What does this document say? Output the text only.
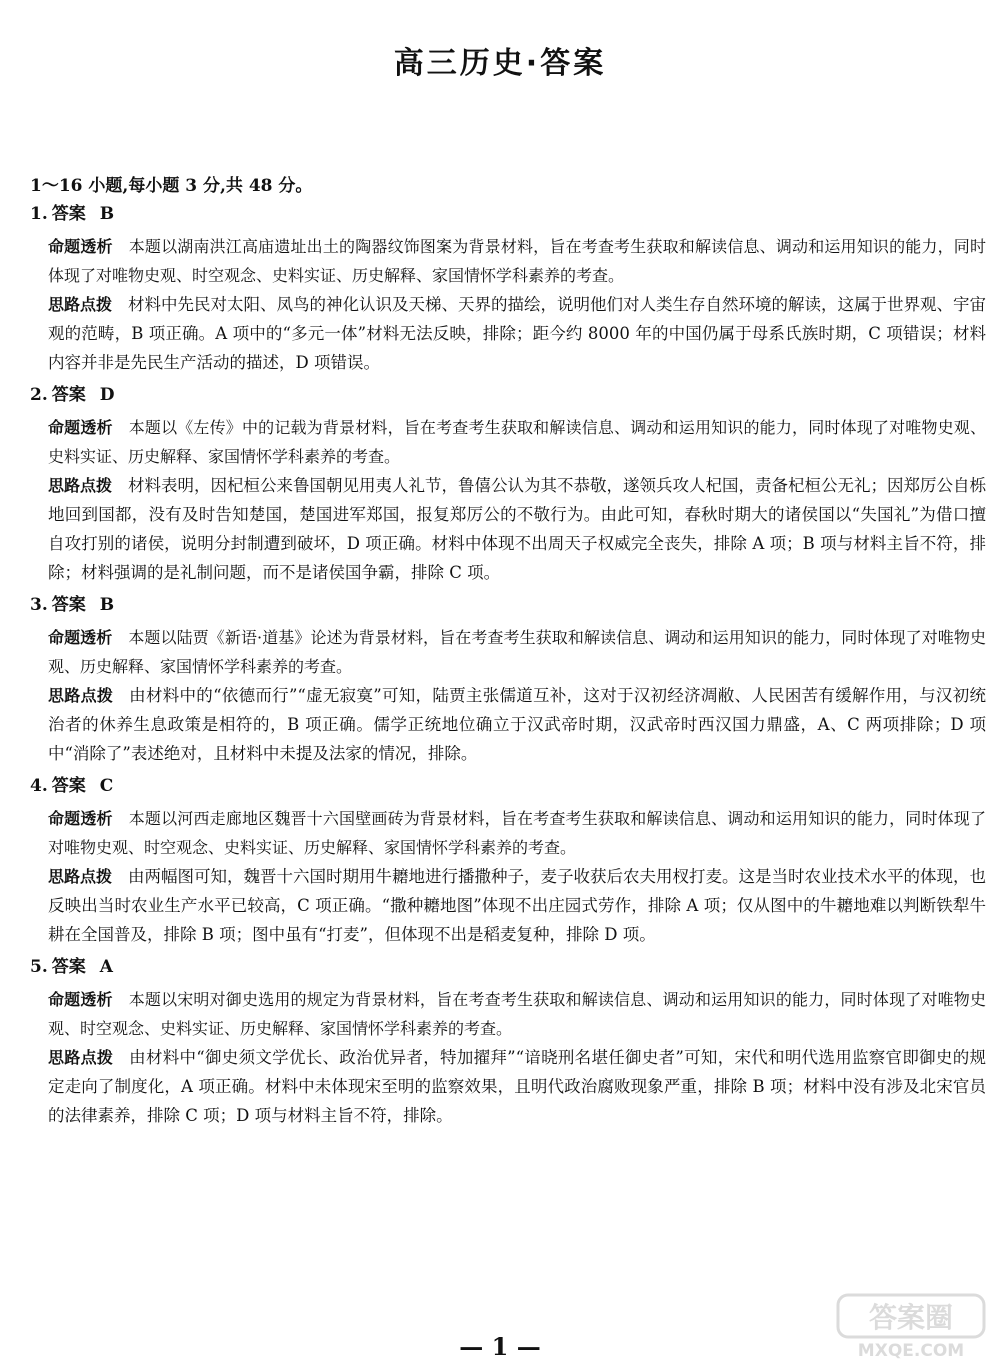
高三历史·答案
1～16 小题,每小题 3 分,共 48 分。
1. 答案 B

命题透析 本题以湖南洪江高庙遗址出土的陶器纹饰图案为背景材料，旨在考查考生获取和解读信息、调动和运用知识的能力，同时体现了对唯物史观、时空观念、史料实证、历史解释、家国情怀学科素养的考查。

思路点拨 材料中先民对太阳、凤鸟的神化认识及天梯、天界的描绘，说明他们对人类生存自然环境的解读，这属于世界观、宇宙观的范畴，B 项正确。A 项中的“多元一体”材料无法反映，排除；距今约 8000 年的中国仍属于母系氏族时期，C 项错误；材料内容并非是先民生产活动的描述，D 项错误。

2. 答案 D

命题透析 本题以《左传》中的记载为背景材料，旨在考查考生获取和解读信息、调动和运用知识的能力，同时体现了对唯物史观、史料实证、历史解释、家国情怀学科素养的考查。

思路点拨 材料表明，因杞桓公来鲁国朝见用夷人礼节，鲁僖公认为其不恭敬，遂领兵攻人杞国，责备杞桓公无礼；因郑厉公自栎地回到国都，没有及时告知楚国，楚国进军郑国，报复郑厉公的不敬行为。由此可知，春秋时期大的诸侯国以“失国礼”为借口擅自攻打别的诸侯，说明分封制遭到破坏，D 项正确。材料中体现不出周天子权威完全丧失，排除 A 项；B 项与材料主旨不符，排除；材料强调的是礼制问题，而不是诸侯国争霸，排除 C 项。

3. 答案 B

命题透析 本题以陆贾《新语·道基》论述为背景材料，旨在考查考生获取和解读信息、调动和运用知识的能力，同时体现了对唯物史观、历史解释、家国情怀学科素养的考查。

思路点拨 由材料中的“依德而行”“虚无寂寞”可知，陆贾主张儒道互补，这对于汉初经济凋敝、人民困苦有缓解作用，与汉初统治者的休养生息政策是相符的，B 项正确。儒学正统地位确立于汉武帝时期，汉武帝时西汉国力鼎盛，A、C 两项排除；D 项中“消除了”表述绝对，且材料中未提及法家的情况，排除。

4. 答案 C

命题透析 本题以河西走廊地区魏晋十六国壁画砖为背景材料，旨在考查考生获取和解读信息、调动和运用知识的能力，同时体现了对唯物史观、时空观念、史料实证、历史解释、家国情怀学科素养的考查。

思路点拨 由两幅图可知，魏晋十六国时期用牛耱地进行播撒种子，麦子收获后农夫用杈打麦。这是当时农业技术水平的体现，也反映出当时农业生产水平已较高，C 项正确。“撒种耱地图”体现不出庄园式劳作，排除 A 项；仅从图中的牛耱地难以判断铁犁牛耕在全国普及，排除 B 项；图中虽有“打麦”，但体现不出是稻麦复种，排除 D 项。

5. 答案 A

命题透析 本题以宋明对御史选用的规定为背景材料，旨在考查考生获取和解读信息、调动和运用知识的能力，同时体现了对唯物史观、时空观念、史料实证、历史解释、家国情怀学科素养的考查。

思路点拨 由材料中“御史须文学优长、政治优异者，特加擢拜”“谙晓刑名堪任御史者”可知，宋代和明代选用监察官即御史的规定走向了制度化，A 项正确。材料中未体现宋至明的监察效果，且明代政治腐败现象严重，排除 B 项；材料中没有涉及北宋官员的法律素养，排除 C 项；D 项与材料主旨不符，排除。

— 1 —
答案圈
MXQE.COM
